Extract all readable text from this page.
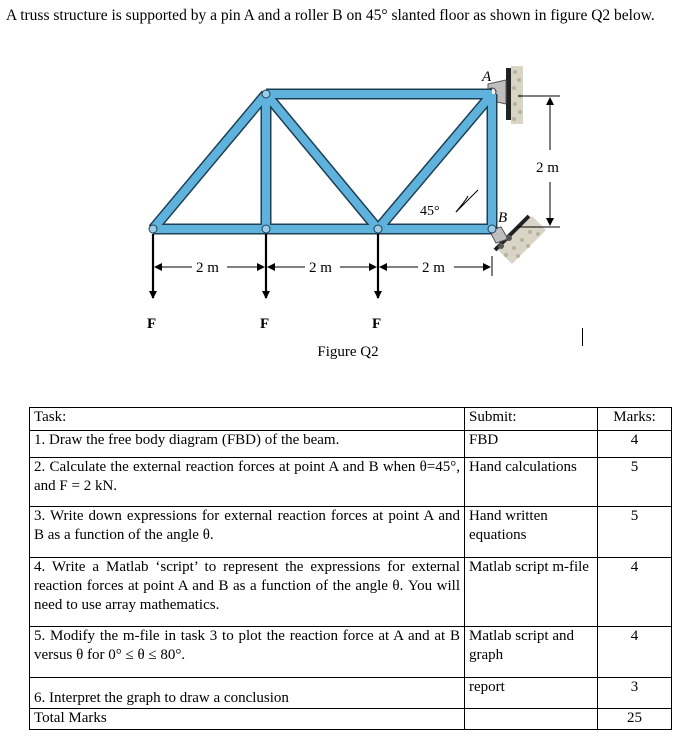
A truss structure is supported by a pin A and a roller B on 45° slanted floor as shown in figure Q2 below.
A
B
45°
2 m
2 m	2 m	2 m
F	F	F
Figure Q2
Task:	Submit:	Marks:

1. Draw the free body diagram (FBD) of the beam.	FBD	4

2. Calculate the external reaction forces at point A and B when θ=45°, and F = 2 kN.	Hand calculations	5

3. Write down expressions for external reaction forces at point A and B as a function of the angle θ.	Hand written equations	5

4. Write a Matlab ‘script’ to represent the expressions for external reaction forces at point A and B as a function of the angle θ. You will need to use array mathematics.	Matlab script m-file	4

5. Modify the m-file in task 3 to plot the reaction force at A and at B versus θ for 0° ≤ θ ≤ 80°.	Matlab script and graph	4

6. Interpret the graph to draw a conclusion	report	3
Total Marks		25
